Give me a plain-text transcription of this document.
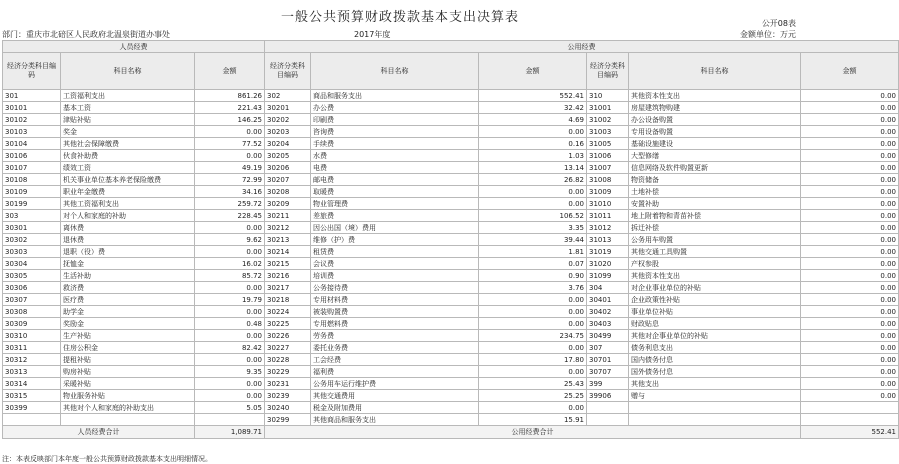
一般公共预算财政拨款基本支出决算表	公开08表
部门：重庆市北碚区人民政府北温泉街道办事处	2017年度	金额单位：万元
人员经费			公用经费					
经济分类科目编码	科目名称	金额	经济分类科目编码	科目名称	金额	经济分类科目编码	科目名称	金额
301	工资福利支出	861.26	302	商品和服务支出	552.41	310	其他资本性支出	0.00
30101	基本工资	221.43	30201	办公费	32.42	31001	房屋建筑物购建	0.00
30102	津贴补贴	146.25	30202	印刷费	4.69	31002	办公设备购置	0.00
30103	奖金	0.00	30203	咨询费	0.00	31003	专用设备购置	0.00
30104	其他社会保障缴费	77.52	30204	手续费	0.16	31005	基础设施建设	0.00
30106	伙食补助费	0.00	30205	水费	1.03	31006	大型修缮	0.00
30107	绩效工资	49.19	30206	电费	13.14	31007	信息网络及软件购置更新	0.00
30108	机关事业单位基本养老保险缴费	72.99	30207	邮电费	26.82	31008	物资储备	0.00
30109	职业年金缴费	34.16	30208	取暖费	0.00	31009	土地补偿	0.00
30199	其他工资福利支出	259.72	30209	物业管理费	0.00	31010	安置补助	0.00
303	对个人和家庭的补助	228.45	30211	差旅费	106.52	31011	地上附着物和青苗补偿	0.00
30301	离休费	0.00	30212	因公出国（境）费用	3.35	31012	拆迁补偿	0.00
30302	退休费	9.62	30213	维修（护）费	39.44	31013	公务用车购置	0.00
30303	退职（役）费	0.00	30214	租赁费	1.81	31019	其他交通工具购置	0.00
30304	抚恤金	16.02	30215	会议费	0.07	31020	产权参股	0.00
30305	生活补助	85.72	30216	培训费	0.90	31099	其他资本性支出	0.00
30306	救济费	0.00	30217	公务接待费	3.76	304	对企业事业单位的补贴	0.00
30307	医疗费	19.79	30218	专用材料费	0.00	30401	企业政策性补贴	0.00
30308	助学金	0.00	30224	被装购置费	0.00	30402	事业单位补贴	0.00
30309	奖励金	0.48	30225	专用燃料费	0.00	30403	财政贴息	0.00
30310	生产补贴	0.00	30226	劳务费	234.75	30499	其他对企事业单位的补贴	0.00
30311	住房公积金	82.42	30227	委托业务费	0.00	307	债务利息支出	0.00
30312	提租补贴	0.00	30228	工会经费	17.80	30701	国内债务付息	0.00
30313	购房补贴	9.35	30229	福利费	0.00	30707	国外债务付息	0.00
30314	采暖补贴	0.00	30231	公务用车运行维护费	25.43	399	其他支出	0.00
30315	物业服务补贴	0.00	30239	其他交通费用	25.25	39906	赠与	0.00
30399	其他对个人和家庭的补助支出	5.05	30240	税金及附加费用	0.00			
			30299	其他商品和服务支出	15.91			
人员经费合计		1,089.71	公用经费合计					552.41
注：本表反映部门本年度一般公共预算财政拨款基本支出明细情况。
